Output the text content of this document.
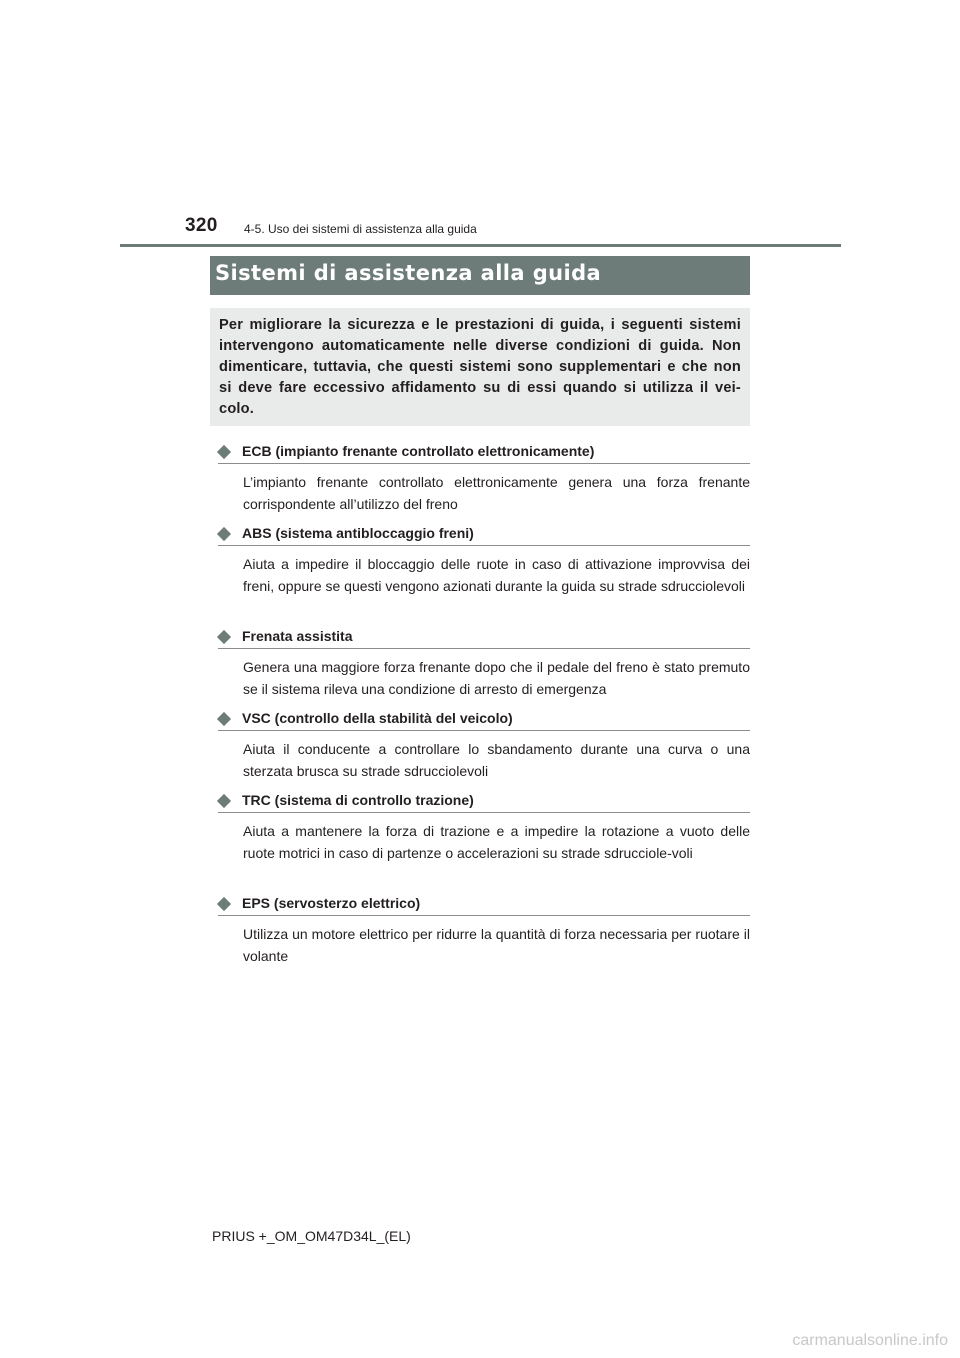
320 4-5. Uso dei sistemi di assistenza alla guida
Sistemi di assistenza alla guida
Per migliorare la sicurezza e le prestazioni di guida, i seguenti sistemi intervengono automaticamente nelle diverse condizioni di guida. Non dimenticare, tuttavia, che questi sistemi sono supplementari e che non si deve fare eccessivo affidamento su di essi quando si utilizza il vei-colo.
ECB (impianto frenante controllato elettronicamente)
L’impianto frenante controllato elettronicamente genera una forza frenante corrispondente all’utilizzo del freno
ABS (sistema antibloccaggio freni)
Aiuta a impedire il bloccaggio delle ruote in caso di attivazione improvvisa dei freni, oppure se questi vengono azionati durante la guida su strade sdrucciolevoli
Frenata assistita
Genera una maggiore forza frenante dopo che il pedale del freno è stato premuto se il sistema rileva una condizione di arresto di emergenza
VSC (controllo della stabilità del veicolo)
Aiuta il conducente a controllare lo sbandamento durante una curva o una sterzata brusca su strade sdrucciolevoli
TRC (sistema di controllo trazione)
Aiuta a mantenere la forza di trazione e a impedire la rotazione a vuoto delle ruote motrici in caso di partenze o accelerazioni su strade sdrucciole-voli
EPS (servosterzo elettrico)
Utilizza un motore elettrico per ridurre la quantità di forza necessaria per ruotare il volante
PRIUS +_OM_OM47D34L_(EL)
carmanualsonline.info
